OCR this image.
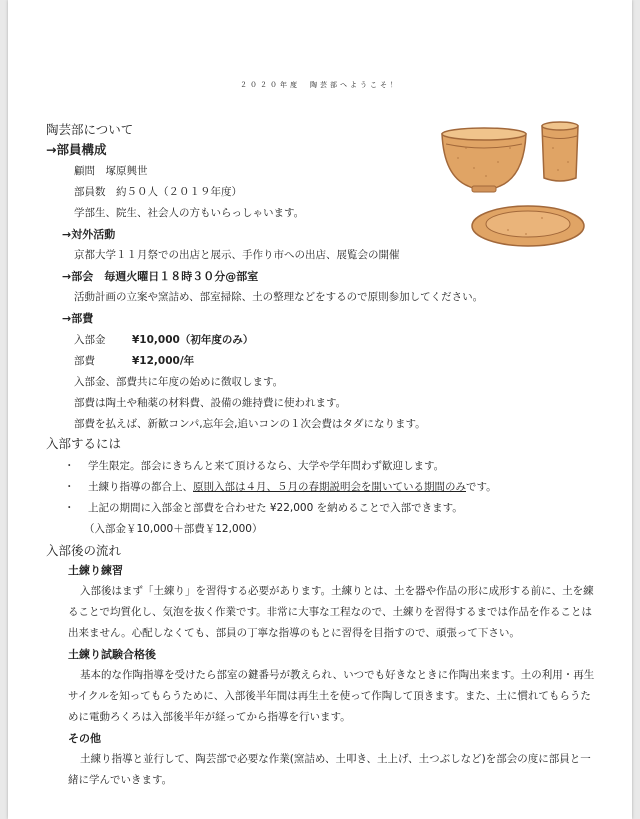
２０２０年度　陶芸部へようこそ！
陶芸部について
→部員構成
顧問　塚原興世
部員数　約５０人（２０１９年度）
学部生、院生、社会人の方もいらっしゃいます。
→対外活動
京都大学１１月祭での出店と展示、手作り市への出店、展覧会の開催
→部会　毎週火曜日１８時３０分@部室
活動計画の立案や窯詰め、部室掃除、土の整理などをするので原則参加してください。
→部費
入部金	¥10,000（初年度のみ）
部費	¥12,000/年
入部金、部費共に年度の始めに徴収します。
部費は陶土や釉薬の材料費、設備の維持費に使われます。
部費を払えば、新歓コンパ,忘年会,追いコンの１次会費はタダになります。
入部するには
・ 学生限定。部会にきちんと来て頂けるなら、大学や学年問わず歓迎します。
・ 土練り指導の都合上、原則入部は４月、５月の春期説明会を開いている期間のみです。
・ 上記の期間に入部金と部費を合わせた ¥22,000 を納めることで入部できます。
（入部金￥10,000＋部費￥12,000）
入部後の流れ
土練り練習
入部後はまず「土練り」を習得する必要があります。土練りとは、土を器や作品の形に成形する前に、土を練
ることで均質化し、気泡を抜く作業です。非常に大事な工程なので、土練りを習得するまでは作品を作ることは
出来ません。心配しなくても、部員の丁寧な指導のもとに習得を目指すので、頑張って下さい。
土練り試験合格後
基本的な作陶指導を受けたら部室の鍵番号が教えられ、いつでも好きなときに作陶出来ます。土の利用・再生
サイクルを知ってもらうために、入部後半年間は再生土を使って作陶して頂きます。また、土に慣れてもらうた
めに電動ろくろは入部後半年が経ってから指導を行います。
その他
土練り指導と並行して、陶芸部で必要な作業(窯詰め、土叩き、土上げ、土つぶしなど)を部会の度に部員と一
緒に学んでいきます。
